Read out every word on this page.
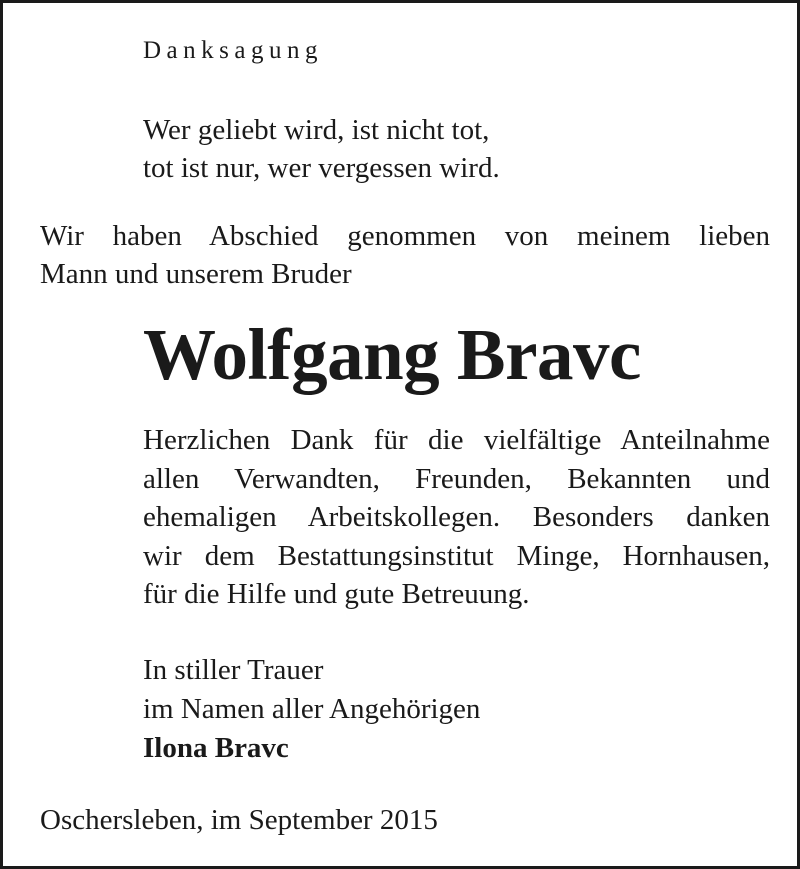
Danksagung

Wer geliebt wird, ist nicht tot,
tot ist nur, wer vergessen wird.
Wir haben Abschied genommen von meinem lieben
Mann und unserem Bruder
Wolfgang Bravc
Herzlichen Dank für die vielfältige Anteilnahme
allen Verwandten, Freunden, Bekannten und
ehemaligen Arbeitskollegen. Besonders danken
wir dem Bestattungsinstitut Minge, Hornhausen,
für die Hilfe und gute Betreuung.
In stiller Trauer
im Namen aller Angehörigen
Ilona Bravc
Oschersleben, im September 2015
